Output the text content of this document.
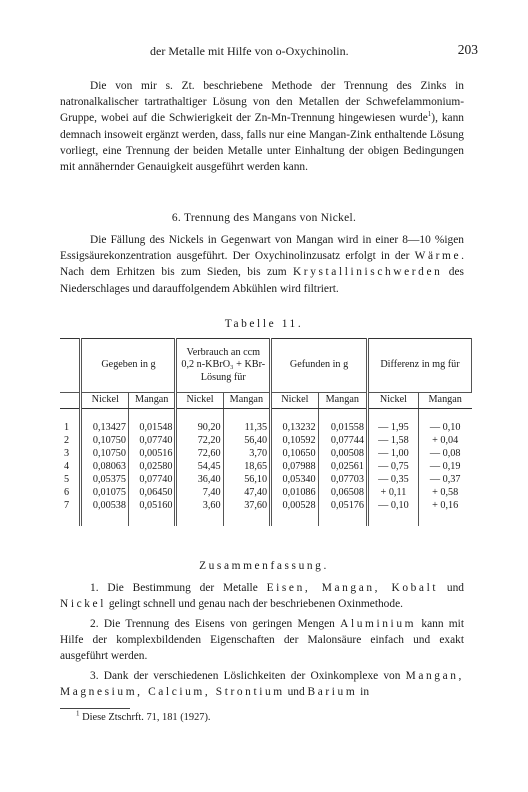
der Metalle mit Hilfe von o-Oxychinolin.	203

Die von mir s. Zt. beschriebene Methode der Trennung des Zinks in natronalkalischer tartrathaltiger Lösung von den Metallen der Schwefelammonium-Gruppe, wobei auf die Schwierigkeit der Zn-Mn-Trennung hingewiesen wurde$^1$), kann demnach insoweit ergänzt werden, dass, falls nur eine Mangan-Zink enthaltende Lösung vorliegt, eine Trennung der beiden Metalle unter Einhaltung der obigen Bedingungen mit annähernder Genauigkeit ausgeführt werden kann.

6. Trennung des Mangans von Nickel.

Die Fällung des Nickels in Gegenwart von Mangan wird in einer 8—10 %igen Essigsäurekonzentration ausgeführt. Der Oxychinolinzusatz erfolgt in der Wärme. Nach dem Erhitzen bis zum Sieden, bis zum Krystallinischwerden des Niederschlages und darauffolgendem Abkühlen wird filtriert.

Tabelle 11.
	Gegeben in g		Verbrauch an ccm 0,2 n-KBrO₃ + KBr-Lösung für		Gefunden in g		Differenz in mg für	
	Nickel	Mangan	Nickel	Mangan	Nickel	Mangan	Nickel	Mangan

1	0,13427	0,01548	90,20	11,35	0,13232	0,01558	— 1,95	— 0,10
2	0,10750	0,07740	72,20	56,40	0,10592	0,07744	— 1,58	+ 0,04
3	0,10750	0,00516	72,60	3,70	0,10650	0,00508	— 1,00	— 0,08
4	0,08063	0,02580	54,45	18,65	0,07988	0,02561	— 0,75	— 0,19
5	0,05375	0,07740	36,40	56,10	0,05340	0,07703	— 0,35	— 0,37
6	0,01075	0,06450	7,40	47,40	0,01086	0,06508	+ 0,11	+ 0,58
7	0,00538	0,05160	3,60	37,60	0,00528	0,05176	— 0,10	+ 0,16

Zusammenfassung.

1. Die Bestimmung der Metalle Eisen, Mangan, Kobalt und Nickel gelingt schnell und genau nach der beschriebenen Oxinmethode.

2. Die Trennung des Eisens von geringen Mengen Aluminium kann mit Hilfe der komplexbildenden Eigenschaften der Malonsäure einfach und exakt ausgeführt werden.

3. Dank der verschiedenen Löslichkeiten der Oxinkomplexe von Mangan, Magnesium, Calcium, Strontium und Barium in

$^1$ Diese Ztschrft. 71, 181 (1927).
